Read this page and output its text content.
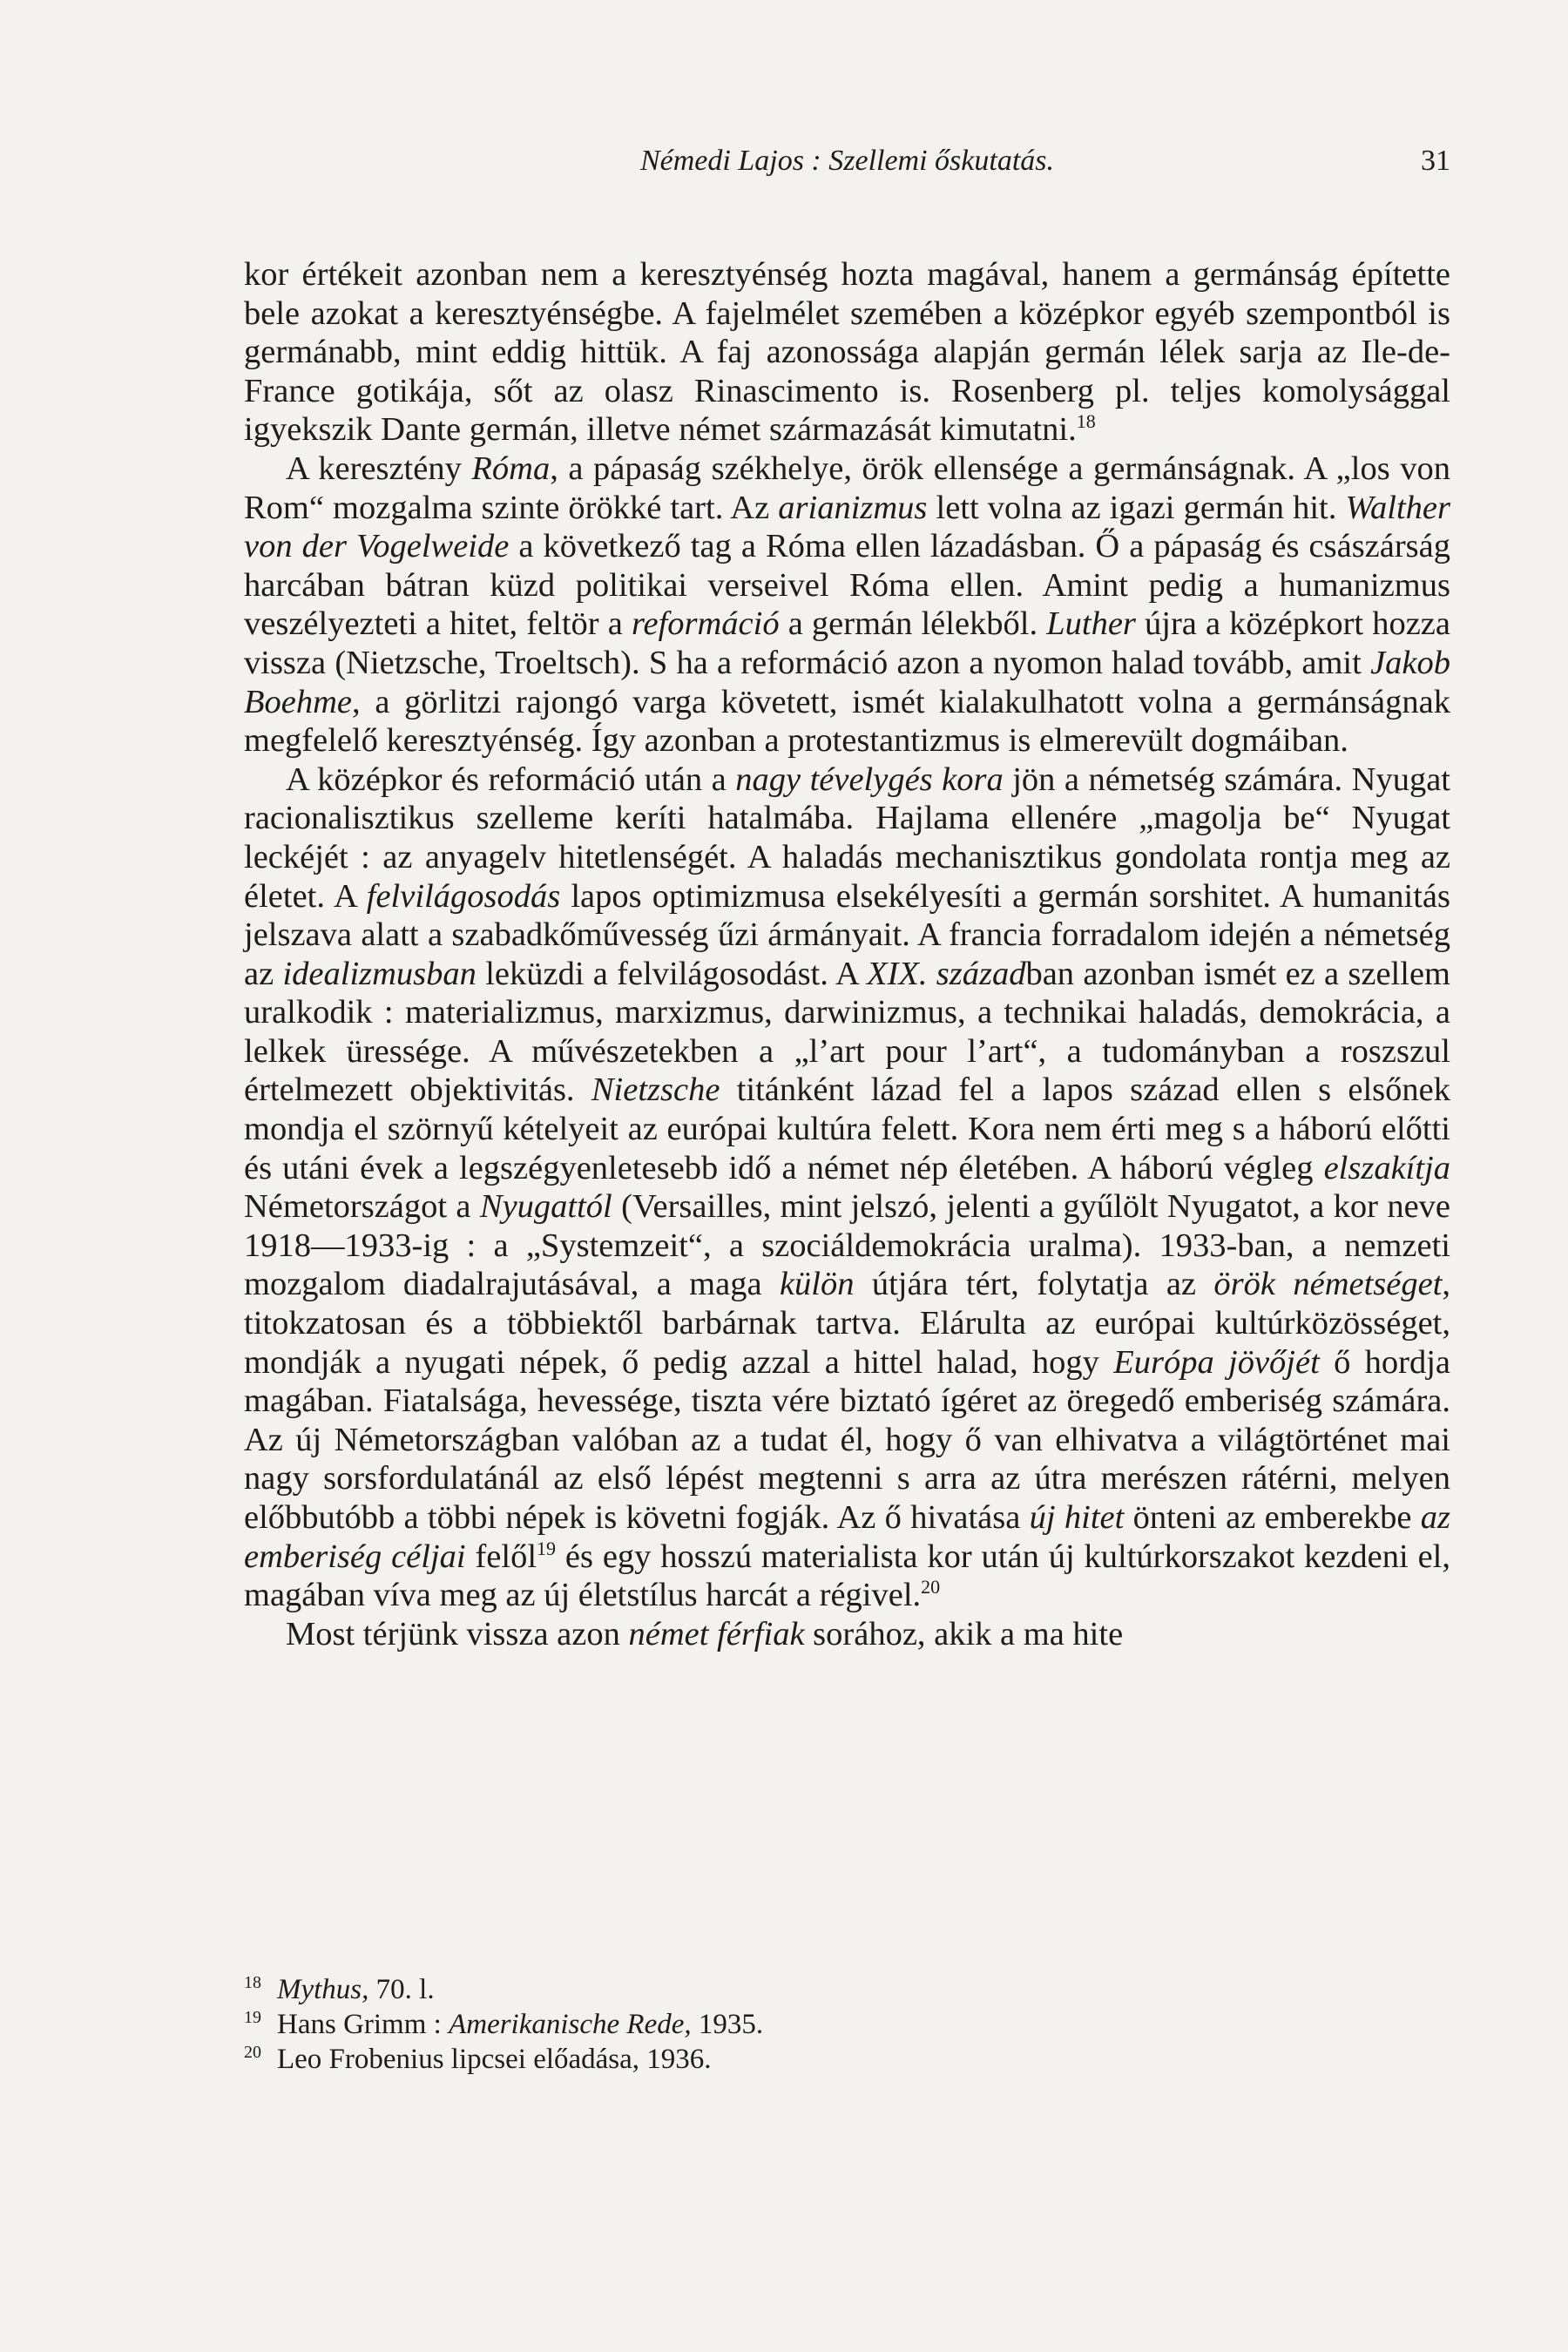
Némedi Lajos : Szellemi őskutatás.	31

kor értékeit azonban nem a keresztyénség hozta magával, hanem a germánság építette bele azokat a keresztyénségbe. A fajelmélet szemében a középkor egyéb szempontból is germánabb, mint eddig hittük. A faj azonossága alapján germán lélek sarja az Ile-de-France gotikája, sőt az olasz Rinascimento is. Rosenberg pl. teljes komolysággal igyekszik Dante germán, illetve német származását kimutatni.$^{18}$

A keresztény Róma, a pápaság székhelye, örök ellensége a germánságnak. A „los von Rom“ mozgalma szinte örökké tart. Az arianizmus lett volna az igazi germán hit. Walther von der Vogelweide a következő tag a Róma ellen lázadásban. Ő a pápaság és császárság harcában bátran küzd politikai verseivel Róma ellen. Amint pedig a humanizmus veszélyezteti a hitet, feltör a reformáció a germán lélekből. Luther újra a középkort hozza vissza (Nietzsche, Troeltsch). S ha a reformáció azon a nyomon halad tovább, amit Jakob Boehme, a görlitzi rajongó varga követett, ismét kialakulhatott volna a germánságnak megfelelő keresztyénség. Így azonban a protestantizmus is elmerevült dogmáiban.

A középkor és reformáció után a nagy tévelygés kora jön a németség számára. Nyugat racionalisztikus szelleme keríti hatalmába. Hajlama ellenére „magolja be“ Nyugat leckéjét : az anyagelv hitetlenségét. A haladás mechanisztikus gondolata rontja meg az életet. A felvilágosodás lapos optimizmusa elsekélyesíti a germán sorshitet. A humanitás jelszava alatt a szabadkőművesség űzi ármányait. A francia forradalom idején a németség az idealizmusban leküzdi a felvilágosodást. A XIX. században azonban ismét ez a szellem uralkodik : materializmus, marxizmus, darwinizmus, a technikai haladás, demokrácia, a lelkek üressége. A művészetekben a „l’art pour l’art“, a tudományban a roszszul értelmezett objektivitás. Nietzsche titánként lázad fel a lapos század ellen s elsőnek mondja el szörnyű kételyeit az európai kultúra felett. Kora nem érti meg s a háború előtti és utáni évek a legszégyenletesebb idő a német nép életében. A háború végleg elszakítja Németországot a Nyugattól (Versailles, mint jelszó, jelenti a gyűlölt Nyugatot, a kor neve 1918—1933-ig : a „Systemzeit“, a szociáldemokrácia uralma). 1933-ban, a nemzeti mozgalom diadalrajutásával, a maga külön útjára tért, folytatja az örök németséget, titokzatosan és a többiektől barbárnak tartva. Elárulta az európai kultúrközösséget, mondják a nyugati népek, ő pedig azzal a hittel halad, hogy Európa jövőjét ő hordja magában. Fiatalsága, hevessége, tiszta vére biztató ígéret az öregedő emberiség számára. Az új Németországban valóban az a tudat él, hogy ő van elhivatva a világtörténet mai nagy sorsfordulatánál az első lépést megtenni s arra az útra merészen rátérni, melyen előbbutóbb a többi népek is követni fogják. Az ő hivatása új hitet önteni az emberekbe az emberiség céljai felől$^{19}$ és egy hosszú materialista kor után új kultúrkorszakot kezdeni el, magában víva meg az új életstílus harcát a régivel.$^{20}$

Most térjünk vissza azon német férfiak sorához, akik a ma hite

$^{18}$ Mythus, 70. l.
$^{19}$ Hans Grimm : Amerikanische Rede, 1935.
$^{20}$ Leo Frobenius lipcsei előadása, 1936.
